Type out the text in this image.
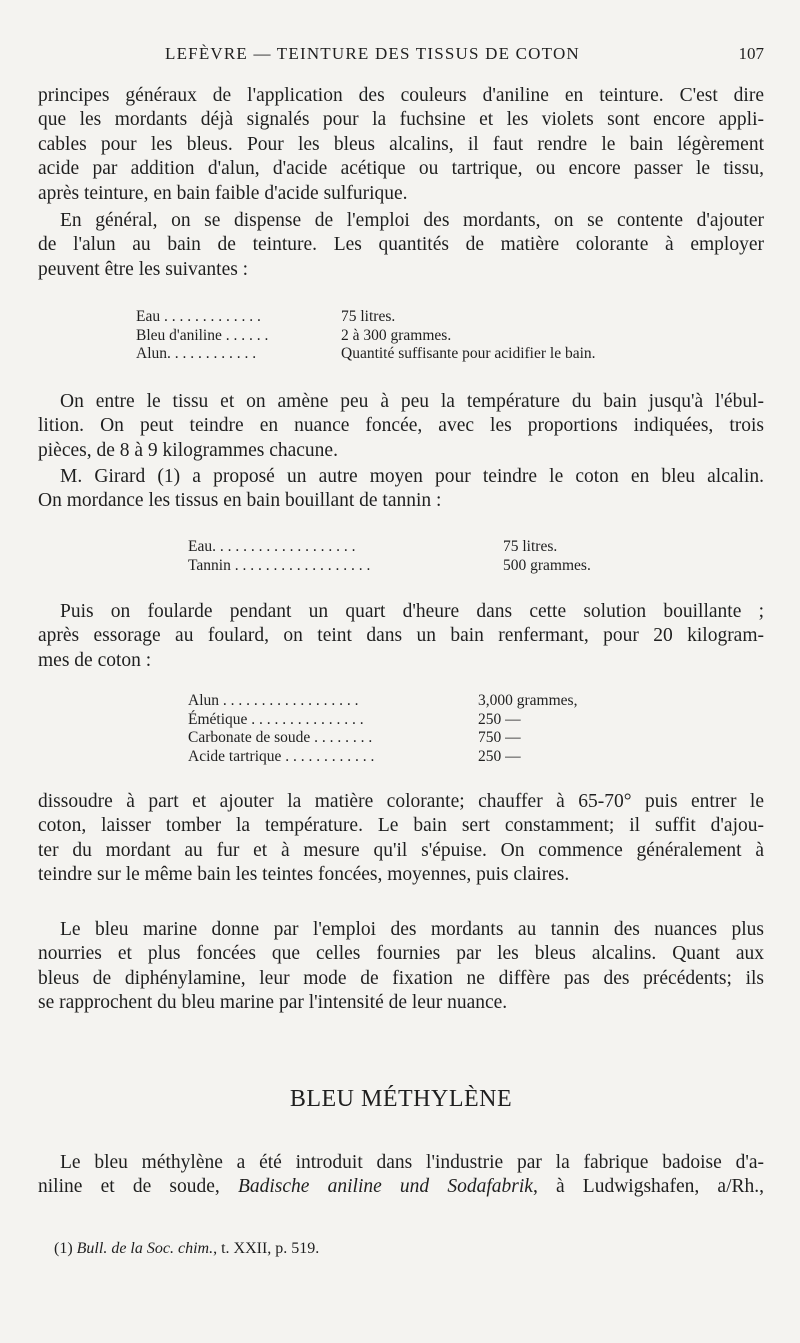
LEFÈVRE — TEINTURE DES TISSUS DE COTON	107
principes généraux de l'application des couleurs d'aniline en teinture. C'est dire
que les mordants déjà signalés pour la fuchsine et les violets sont encore appli-
cables pour les bleus. Pour les bleus alcalins, il faut rendre le bain légèrement
acide par addition d'alun, d'acide acétique ou tartrique, ou encore passer le tissu,
après teinture, en bain faible d'acide sulfurique.
En général, on se dispense de l'emploi des mordants, on se contente d'ajouter
de l'alun au bain de teinture. Les quantités de matière colorante à employer
peuvent être les suivantes :
Eau . . . . . . . . . . . . .	75 litres.
Bleu d'aniline . . . . . .	2 à 300 grammes.
Alun. . . . . . . . . . . .	Quantité suffisante pour acidifier le bain.
On entre le tissu et on amène peu à peu la température du bain jusqu'à l'ébul-
lition. On peut teindre en nuance foncée, avec les proportions indiquées, trois
pièces, de 8 à 9 kilogrammes chacune.
M. Girard (1) a proposé un autre moyen pour teindre le coton en bleu alcalin.
On mordance les tissus en bain bouillant de tannin :
Eau. . . . . . . . . . . . . . . . . . .	75 litres.
Tannin . . . . . . . . . . . . . . . . . .	500 grammes.
Puis on foularde pendant un quart d'heure dans cette solution bouillante ;
après essorage au foulard, on teint dans un bain renfermant, pour 20 kilogram-
mes de coton :
Alun . . . . . . . . . . . . . . . . . .	3,000 grammes,
Émétique . . . . . . . . . . . . . . .	250 —
Carbonate de soude . . . . . . . .	750 —
Acide tartrique . . . . . . . . . . . .	250 —
dissoudre à part et ajouter la matière colorante; chauffer à 65-70° puis entrer le
coton, laisser tomber la température. Le bain sert constamment; il suffit d'ajou-
ter du mordant au fur et à mesure qu'il s'épuise. On commence généralement à
teindre sur le même bain les teintes foncées, moyennes, puis claires.
Le bleu marine donne par l'emploi des mordants au tannin des nuances plus
nourries et plus foncées que celles fournies par les bleus alcalins. Quant aux
bleus de diphénylamine, leur mode de fixation ne diffère pas des précédents; ils
se rapprochent du bleu marine par l'intensité de leur nuance.
BLEU MÉTHYLÈNE
Le bleu méthylène a été introduit dans l'industrie par la fabrique badoise d'a-
niline et de soude, Badische aniline und Sodafabrik, à Ludwigshafen, a/Rh.,
(1) Bull. de la Soc. chim., t. XXII, p. 519.
